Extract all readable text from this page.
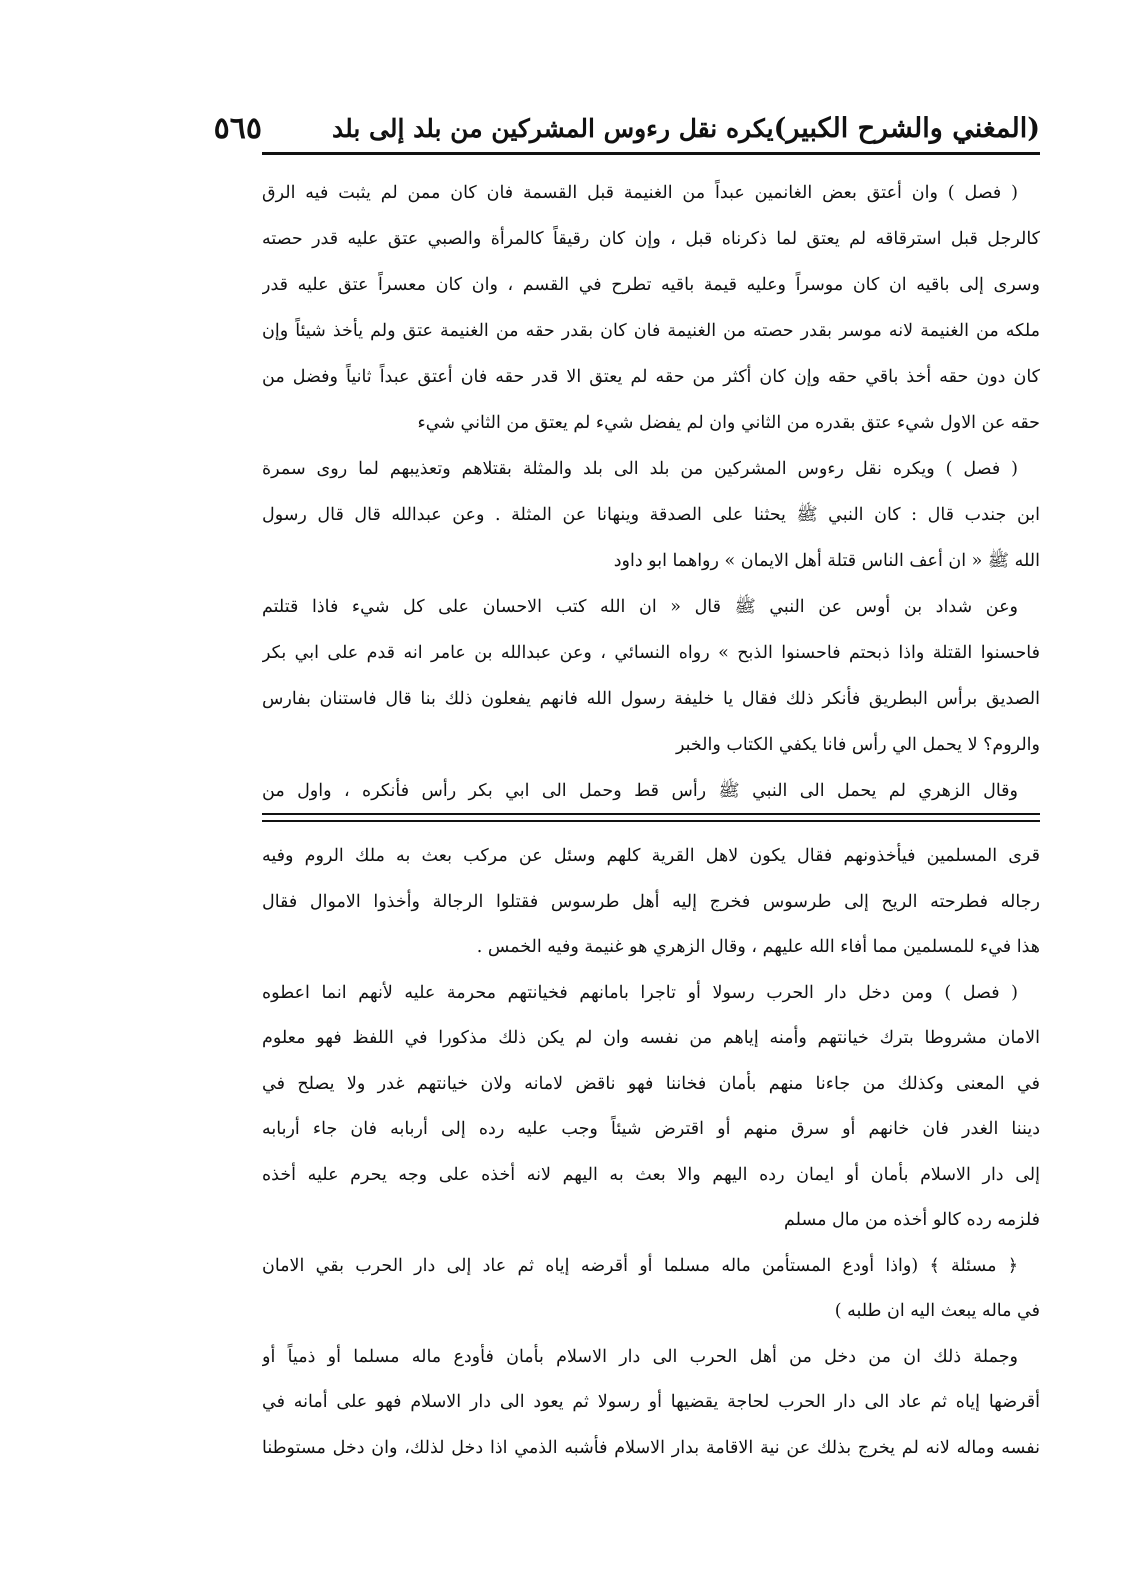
(المغني والشرح الكبير)
يكره نقل رءوس المشركين من بلد إلى بلد
٥٦٥
( فصل ) وان أعتق بعض الغانمين عبداً من الغنيمة قبل القسمة فان كان ممن لم يثبت فيه الرق
كالرجل قبل استرقاقه لم يعتق لما ذكرناه قبل ، وإن كان رقيقاً كالمرأة والصبي عتق عليه قدر حصته
وسرى إلى باقيه ان كان موسراً وعليه قيمة باقيه تطرح في القسم ، وان كان معسراً عتق عليه قدر
ملكه من الغنيمة لانه موسر بقدر حصته من الغنيمة فان كان بقدر حقه من الغنيمة عتق ولم يأخذ شيئاً وإن
كان دون حقه أخذ باقي حقه وإن كان أكثر من حقه لم يعتق الا قدر حقه فان أعتق عبداً ثانياً وفضل من
حقه عن الاول شيء عتق بقدره من الثاني وان لم يفضل شيء لم يعتق من الثاني شيء
( فصل ) ويكره نقل رءوس المشركين من بلد الى بلد والمثلة بقتلاهم وتعذيبهم لما روى سمرة
ابن جندب قال : كان النبي ﷺ يحثنا على الصدقة وينهانا عن المثلة . وعن عبدالله قال قال رسول
الله ﷺ « ان أعف الناس قتلة أهل الايمان » رواهما ابو داود
وعن شداد بن أوس عن النبي ﷺ قال « ان الله كتب الاحسان على كل شيء فاذا قتلتم
فاحسنوا القتلة واذا ذبحتم فاحسنوا الذبح » رواه النسائي ، وعن عبدالله بن عامر انه قدم على ابي بكر
الصديق برأس البطريق فأنكر ذلك فقال يا خليفة رسول الله فانهم يفعلون ذلك بنا قال فاستنان بفارس
والروم؟ لا يحمل الي رأس فانا يكفي الكتاب والخبر
وقال الزهري لم يحمل الى النبي ﷺ رأس قط وحمل الى ابي بكر رأس فأنكره ، واول من
قرى المسلمين فيأخذونهم فقال يكون لاهل القرية كلهم وسئل عن مركب بعث به ملك الروم وفيه
رجاله فطرحته الريح إلى طرسوس فخرج إليه أهل طرسوس فقتلوا الرجالة وأخذوا الاموال فقال
هذا فيء للمسلمين مما أفاء الله عليهم ، وقال الزهري هو غنيمة وفيه الخمس .
( فصل ) ومن دخل دار الحرب رسولا أو تاجرا بامانهم فخيانتهم محرمة عليه لأنهم انما اعطوه
الامان مشروطا بترك خيانتهم وأمنه إياهم من نفسه وان لم يكن ذلك مذكورا في اللفظ فهو معلوم
في المعنى وكذلك من جاءنا منهم بأمان فخاننا فهو ناقض لامانه ولان خيانتهم غدر ولا يصلح في
ديننا الغدر فان خانهم أو سرق منهم أو اقترض شيئاً وجب عليه رده إلى أربابه فان جاء أربابه
إلى دار الاسلام بأمان أو ايمان رده اليهم والا بعث به اليهم لانه أخذه على وجه يحرم عليه أخذه
فلزمه رده كالو أخذه من مال مسلم
﴿ مسئلة ﴾ (واذا أودع المستأمن ماله مسلما أو أقرضه إياه ثم عاد إلى دار الحرب بقي الامان
في ماله يبعث اليه ان طلبه )
وجملة ذلك ان من دخل من أهل الحرب الى دار الاسلام بأمان فأودع ماله مسلما أو ذمياً أو
أقرضها إياه ثم عاد الى دار الحرب لحاجة يقضيها أو رسولا ثم يعود الى دار الاسلام فهو على أمانه في
نفسه وماله لانه لم يخرج بذلك عن نية الاقامة بدار الاسلام فأشبه الذمي اذا دخل لذلك، وان دخل مستوطنا
